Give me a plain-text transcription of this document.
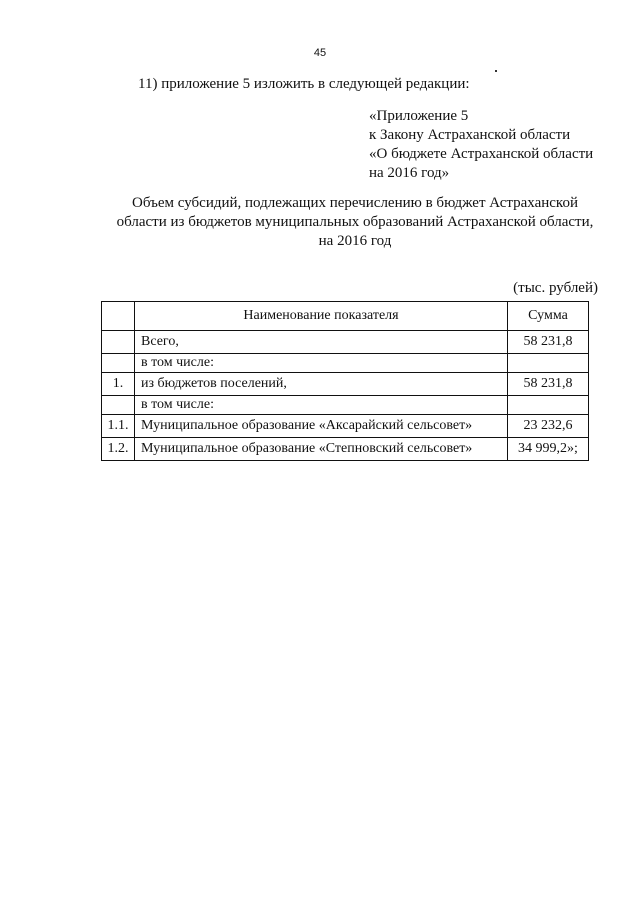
45
11) приложение 5 изложить в следующей редакции:
«Приложение 5
к Закону Астраханской области
«О бюджете Астраханской области
на 2016 год»
Объем субсидий, подлежащих перечислению в бюджет Астраханской
области из бюджетов муниципальных образований Астраханской области,
на 2016 год
(тыс. рублей)
	Наименование показателя	Сумма
	Всего,	58 231,8
	в том числе:	
1.	из бюджетов поселений,	58 231,8
	в том числе:	
1.1.	Муниципальное образование «Аксарайский сельсовет»	23 232,6
1.2.	Муниципальное образование «Степновский сельсовет»	34 999,2»;
